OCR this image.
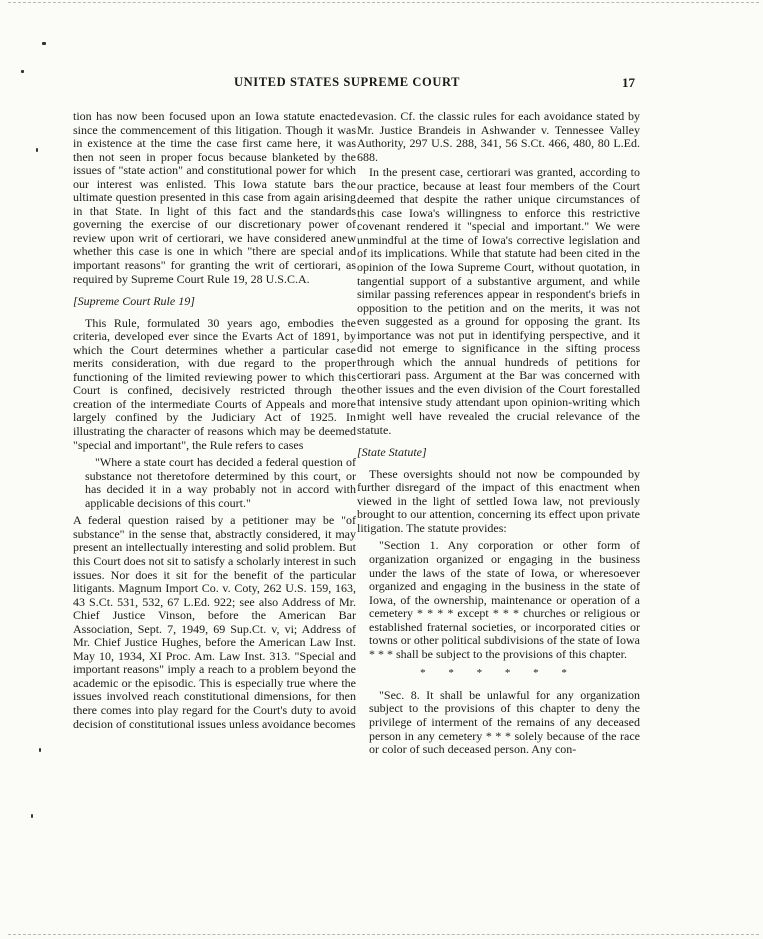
UNITED STATES SUPREME COURT	17

tion has now been focused upon an Iowa statute enacted since the commencement of this litigation. Though it was in existence at the time the case first came here, it was then not seen in proper focus because blanketed by the issues of "state action" and constitutional power for which our interest was enlisted. This Iowa statute bars the ultimate question presented in this case from again arising in that State. In light of this fact and the standards governing the exercise of our discretionary power of review upon writ of certiorari, we have considered anew whether this case is one in which "there are special and important reasons" for granting the writ of certiorari, as required by Supreme Court Rule 19, 28 U.S.C.A.

[Supreme Court Rule 19]

This Rule, formulated 30 years ago, embodies the criteria, developed ever since the Evarts Act of 1891, by which the Court determines whether a particular case merits consideration, with due regard to the proper functioning of the limited reviewing power to which this Court is confined, decisively restricted through the creation of the intermediate Courts of Appeals and more largely confined by the Judiciary Act of 1925. In illustrating the character of reasons which may be deemed "special and important", the Rule refers to cases

"Where a state court has decided a federal question of substance not theretofore determined by this court, or has decided it in a way probably not in accord with applicable decisions of this court."

A federal question raised by a petitioner may be "of substance" in the sense that, abstractly considered, it may present an intellectually interesting and solid problem. But this Court does not sit to satisfy a scholarly interest in such issues. Nor does it sit for the benefit of the particular litigants. Magnum Import Co. v. Coty, 262 U.S. 159, 163, 43 S.Ct. 531, 532, 67 L.Ed. 922; see also Address of Mr. Chief Justice Vinson, before the American Bar Association, Sept. 7, 1949, 69 Sup.Ct. v, vi; Address of Mr. Chief Justice Hughes, before the American Law Inst. May 10, 1934, XI Proc. Am. Law Inst. 313. "Special and important reasons" imply a reach to a problem beyond the academic or the episodic. This is especially true where the issues involved reach constitutional dimensions, for then there comes into play regard for the Court's duty to avoid decision of constitutional issues unless avoidance becomes

evasion. Cf. the classic rules for each avoidance stated by Mr. Justice Brandeis in Ashwander v. Tennessee Valley Authority, 297 U.S. 288, 341, 56 S.Ct. 466, 480, 80 L.Ed. 688.

In the present case, certiorari was granted, according to our practice, because at least four members of the Court deemed that despite the rather unique circumstances of this case Iowa's willingness to enforce this restrictive covenant rendered it "special and important." We were unmindful at the time of Iowa's corrective legislation and of its implications. While that statute had been cited in the opinion of the Iowa Supreme Court, without quotation, in tangential support of a substantive argument, and while similar passing references appear in respondent's briefs in opposition to the petition and on the merits, it was not even suggested as a ground for opposing the grant. Its importance was not put in identifying perspective, and it did not emerge to significance in the sifting process through which the annual hundreds of petitions for certiorari pass. Argument at the Bar was concerned with other issues and the even division of the Court forestalled that intensive study attendant upon opinion-writing which might well have revealed the crucial relevance of the statute.

[State Statute]

These oversights should not now be compounded by further disregard of the impact of this enactment when viewed in the light of settled Iowa law, not previously brought to our attention, concerning its effect upon private litigation. The statute provides:

"Section 1. Any corporation or other form of organization organized or engaging in the business under the laws of the state of Iowa, or wheresoever organized and engaging in the business in the state of Iowa, of the ownership, maintenance or operation of a cemetery * * * * except * * * churches or religious or established fraternal societies, or incorporated cities or towns or other political subdivisions of the state of Iowa * * * shall be subject to the provisions of this chapter.

* * * * * *

"Sec. 8. It shall be unlawful for any organization subject to the provisions of this chapter to deny the privilege of interment of the remains of any deceased person in any cemetery * * * solely because of the race or color of such deceased person. Any con-
